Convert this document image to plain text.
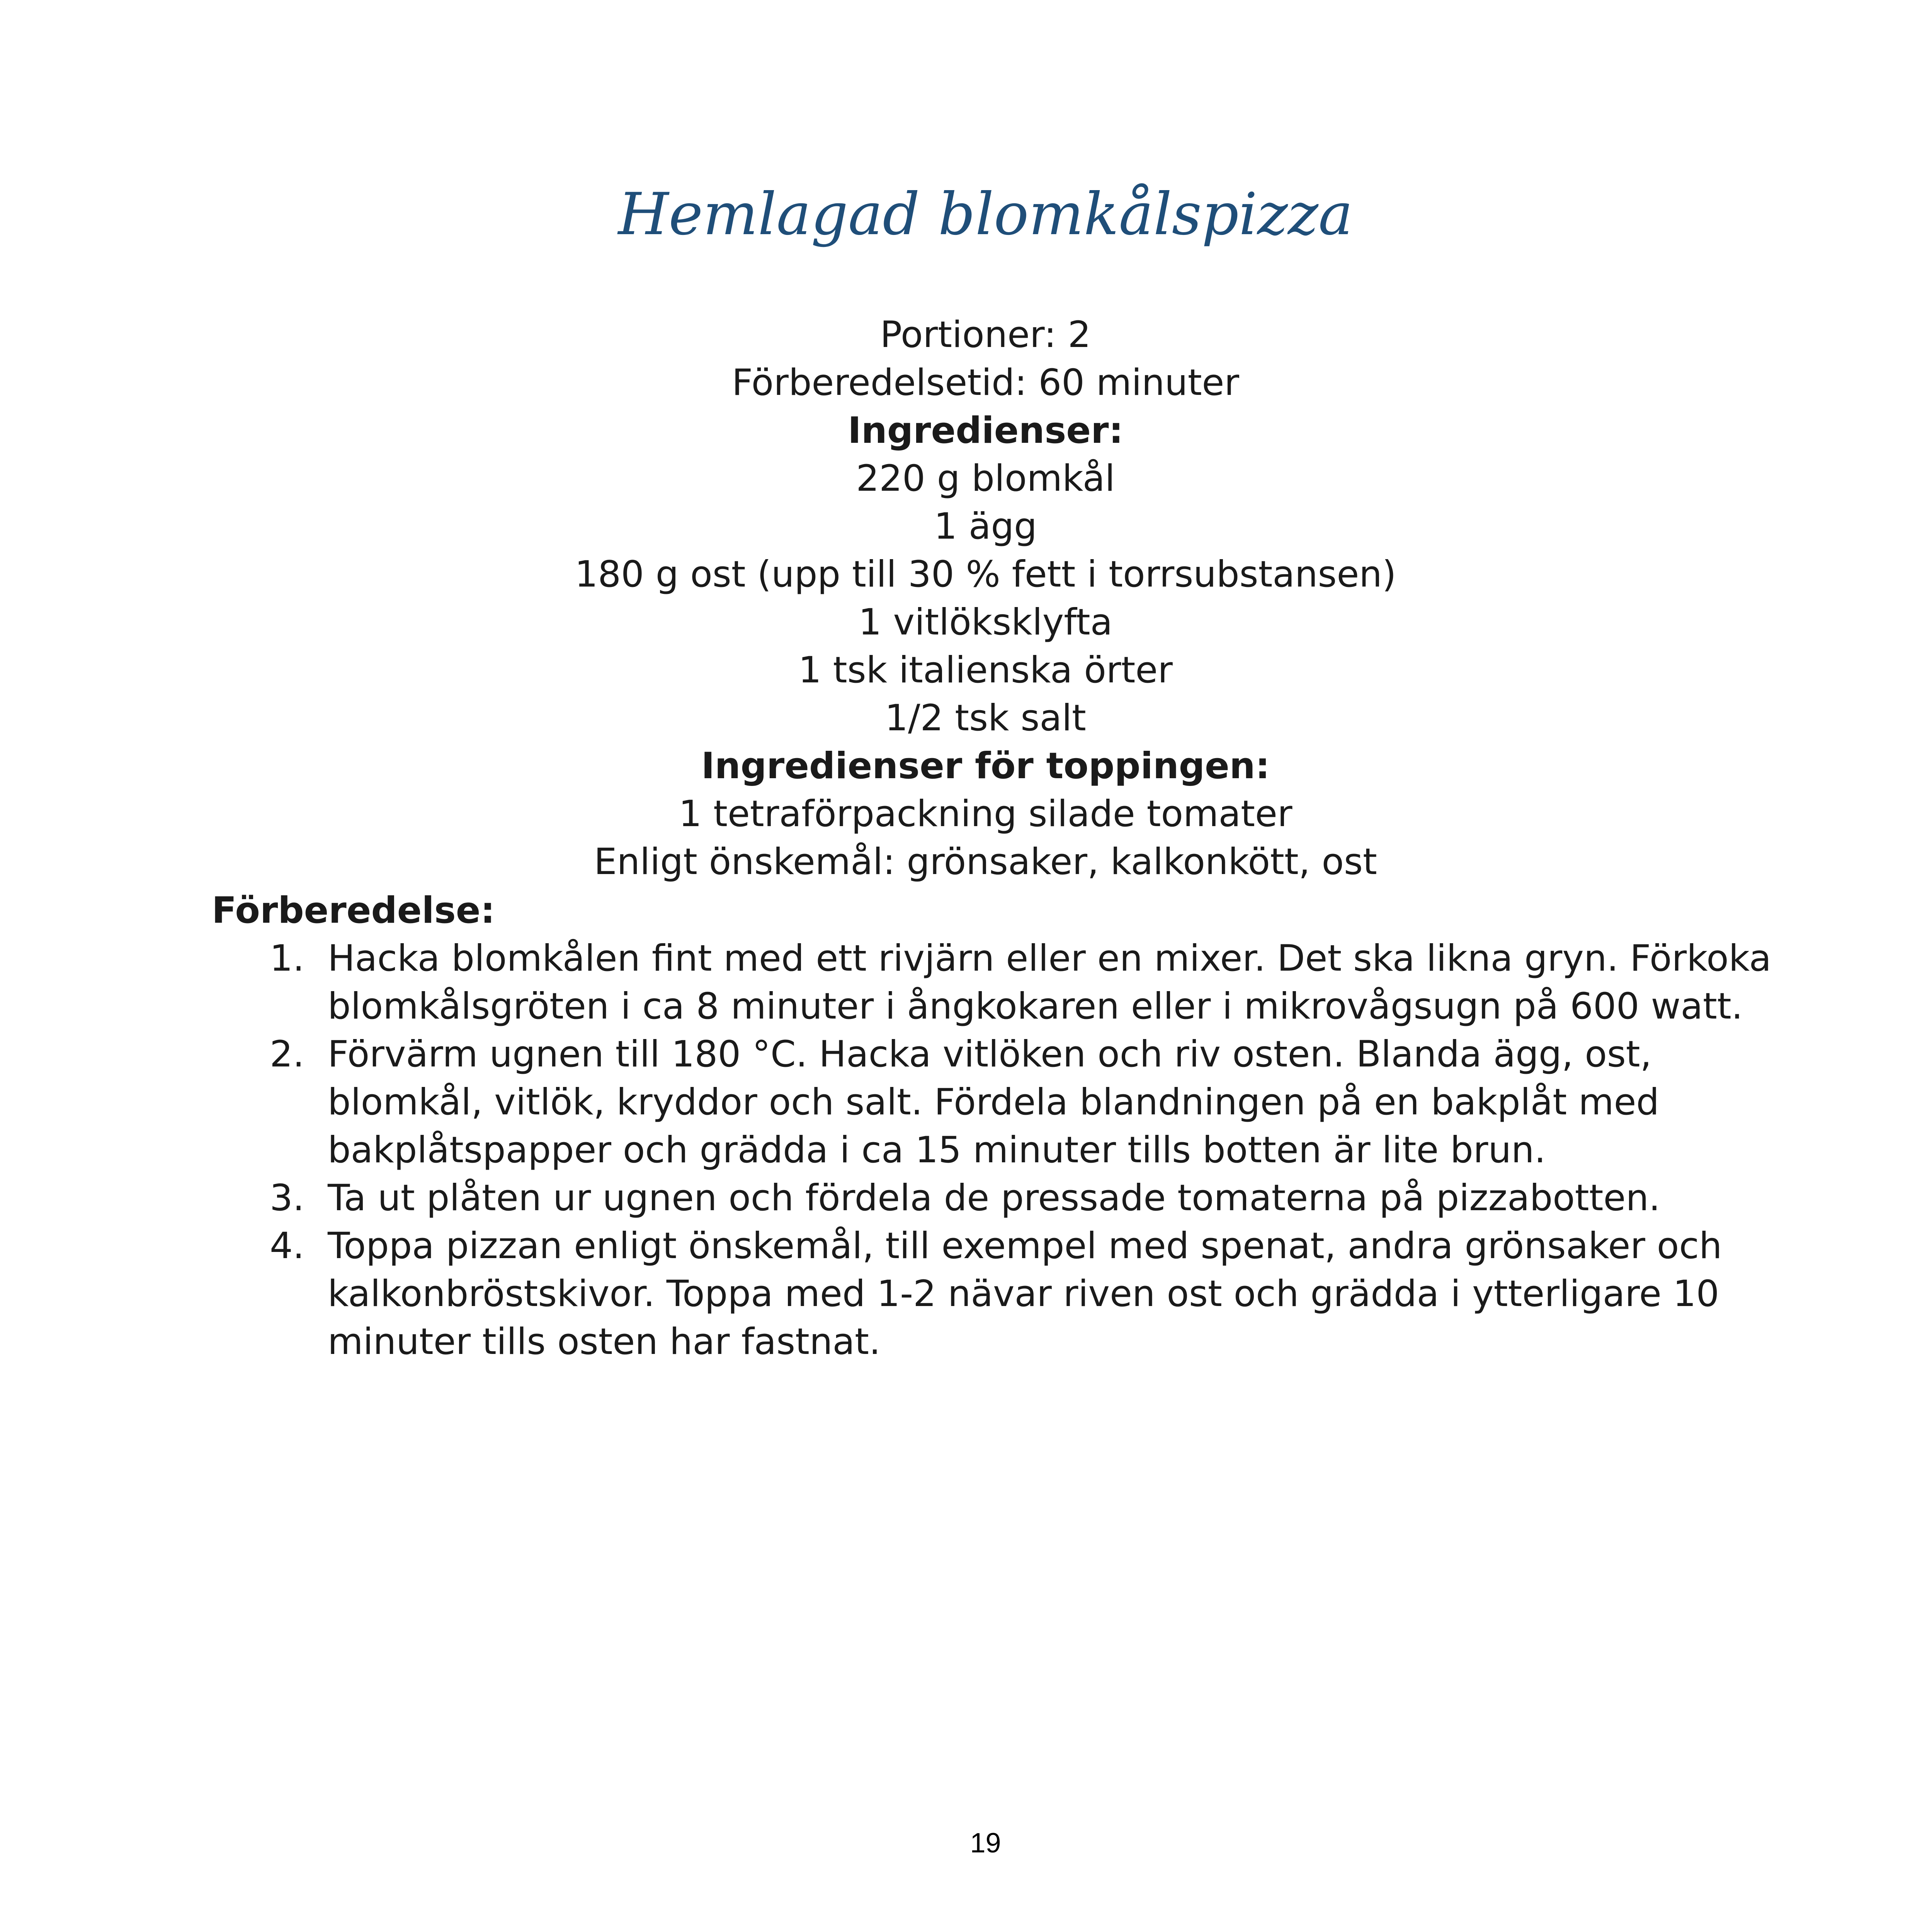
Hemlagad blomkålspizza
Portioner: 2
Förberedelsetid: 60 minuter
Ingredienser:
220 g blomkål
1 ägg
180 g ost (upp till 30 % fett i torrsubstansen)
1 vitlöksklyfta
1 tsk italienska örter
1/2 tsk salt
Ingredienser för toppingen:
1 tetraförpackning silade tomater
Enligt önskemål: grönsaker, kalkonkött, ost
Förberedelse:
1. Hacka blomkålen fint med ett rivjärn eller en mixer. Det ska likna gryn. Förkoka
blomkålsgröten i ca 8 minuter i ångkokaren eller i mikrovågsugn på 600 watt.
2. Förvärm ugnen till 180 °C. Hacka vitlöken och riv osten. Blanda ägg, ost,
blomkål, vitlök, kryddor och salt. Fördela blandningen på en bakplåt med
bakplåtspapper och grädda i ca 15 minuter tills botten är lite brun.
3. Ta ut plåten ur ugnen och fördela de pressade tomaterna på pizzabotten.
4. Toppa pizzan enligt önskemål, till exempel med spenat, andra grönsaker och
kalkonbröstskivor. Toppa med 1-2 nävar riven ost och grädda i ytterligare 10
minuter tills osten har fastnat.
19
